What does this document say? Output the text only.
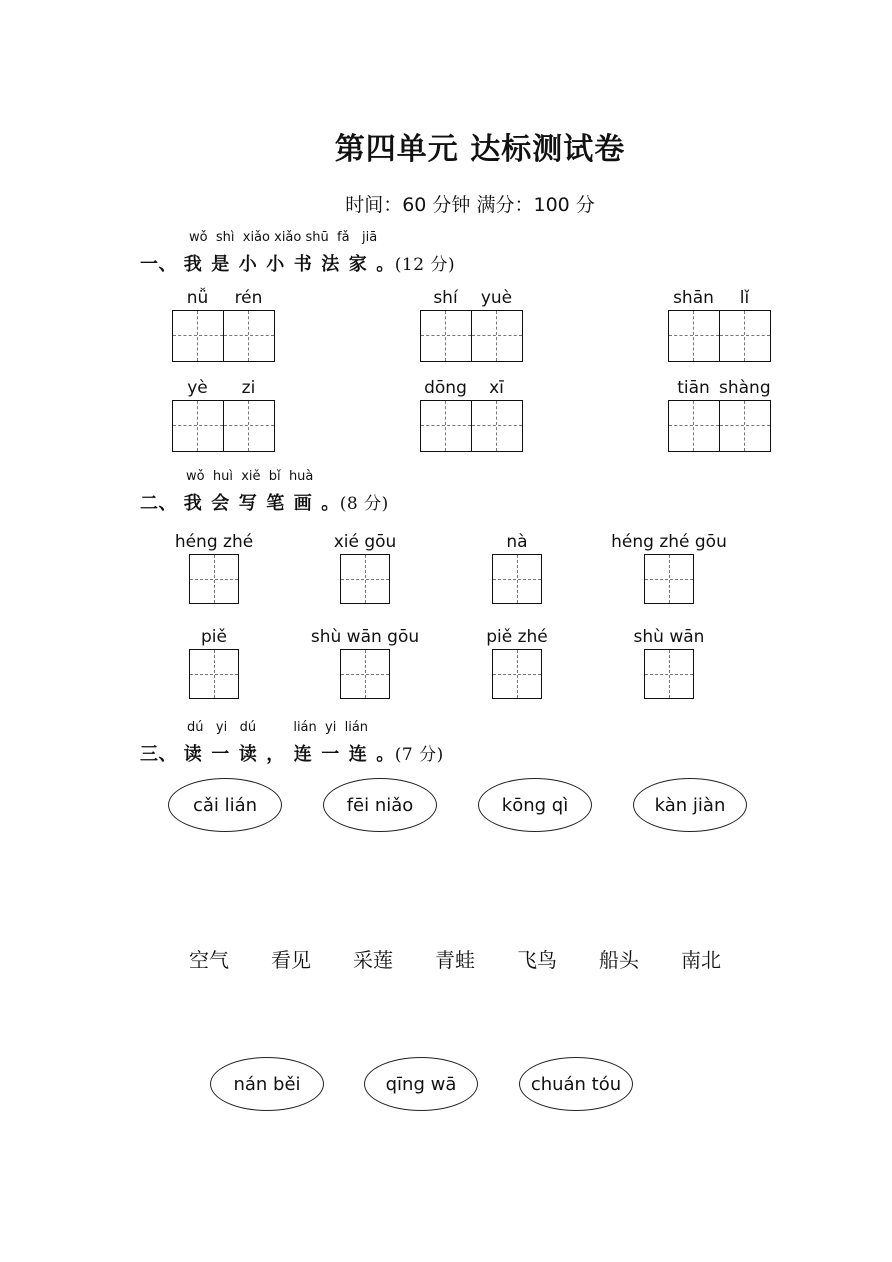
第四单元 达标测试卷
时间：60 分钟 满分：100 分
wǒ shì xiǎo xiǎo shū fǎ jiā
一、 我 是 小 小 书 法 家 。(12 分)
nǚ rén	shí yuè	shān lǐ
yè zi	dōng xī	tiān shàng
wǒ huì xiě bǐ huà
二、 我 会 写 笔 画 。(8 分)
héng zhé	xié gōu	nà	héng zhé gōu
piě	shù wān gōu	piě zhé	shù wān
dú yi dú	lián yi lián
三、 读 一 读 ， 连 一 连 。(7 分)
cǎi lián	fēi niǎo	kōng qì	kàn jiàn
空气 看见 采莲 青蛙 飞鸟 船头 南北
nán běi	qīng wā	chuán tóu
